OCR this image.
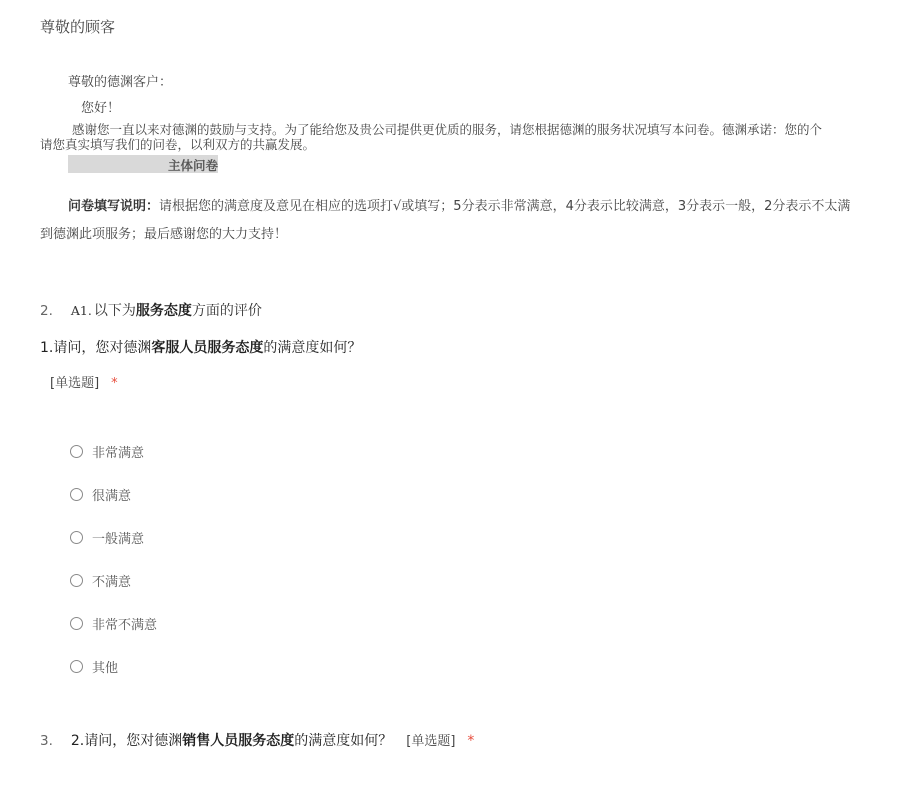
尊敬的顾客
尊敬的德渊客户：
您好！
感谢您一直以来对德渊的鼓励与支持。为了能给您及贵公司提供更优质的服务，请您根据德渊的服务状况填写本问卷。德渊承诺：您的个
请您真实填写我们的问卷，以利双方的共赢发展。
主体问卷
问卷填写说明：请根据您的满意度及意见在相应的选项打√或填写；5分表示非常满意，4分表示比较满意，3分表示一般，2分表示不太满
到德渊此项服务；最后感谢您的大力支持！
2. A1. 以下为服务态度方面的评价
1.请问，您对德渊客服人员服务态度的满意度如何？
[单选题] *
非常满意
很满意
一般满意
不满意
非常不满意
其他
3. 2.请问，您对德渊销售人员服务态度的满意度如何？ [单选题] *
